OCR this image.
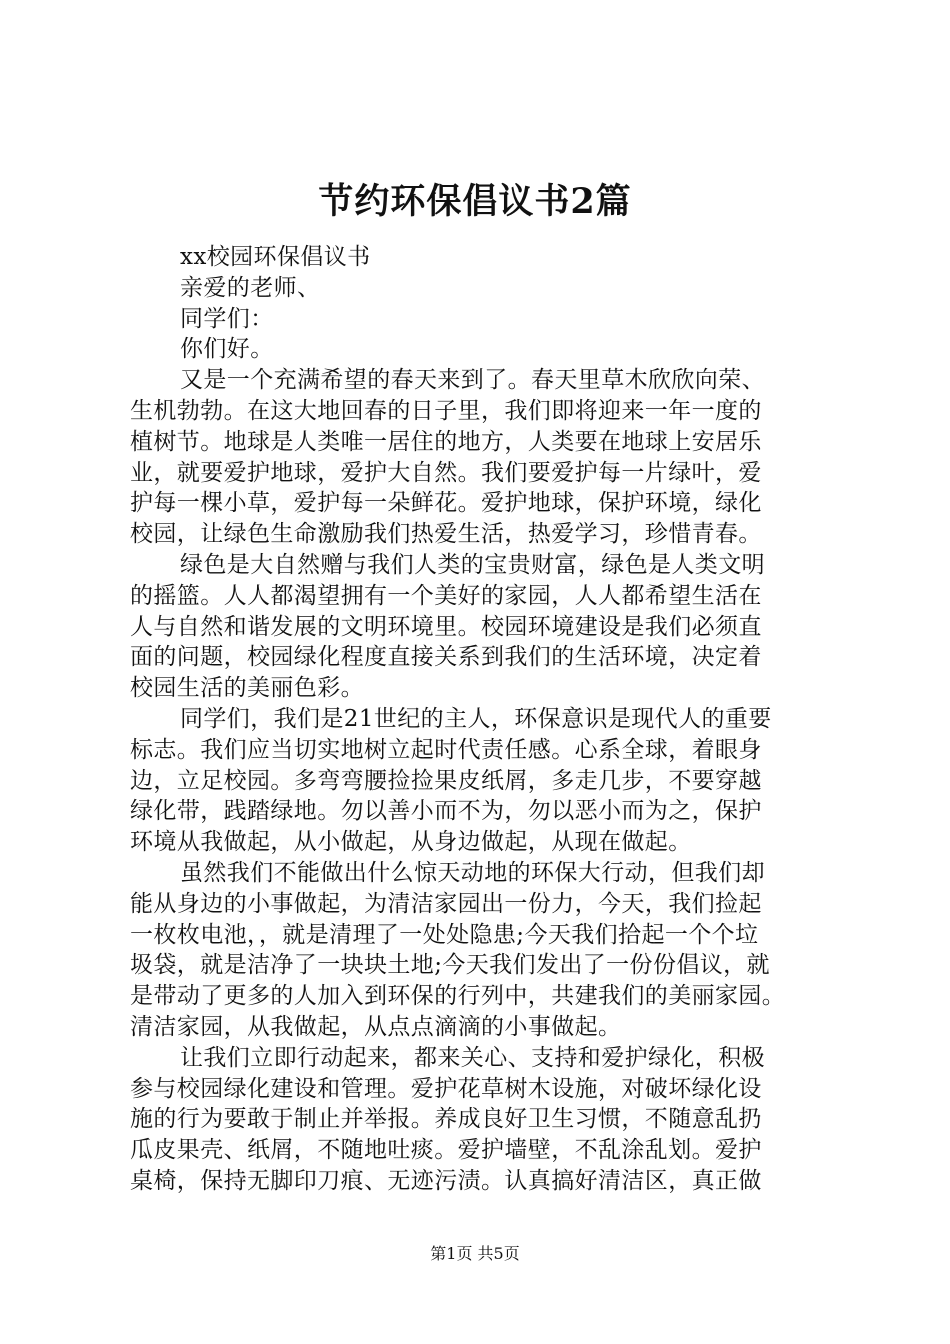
节约环保倡议书2篇
xx校园环保倡议书
亲爱的老师、
同学们：
你们好。
又是一个充满希望的春天来到了。春天里草木欣欣向荣、
生机勃勃。在这大地回春的日子里，我们即将迎来一年一度的
植树节。地球是人类唯一居住的地方，人类要在地球上安居乐
业，就要爱护地球，爱护大自然。我们要爱护每一片绿叶，爱
护每一棵小草，爱护每一朵鲜花。爱护地球，保护环境，绿化
校园，让绿色生命激励我们热爱生活，热爱学习，珍惜青春。
绿色是大自然赠与我们人类的宝贵财富，绿色是人类文明
的摇篮。人人都渴望拥有一个美好的家园，人人都希望生活在
人与自然和谐发展的文明环境里。校园环境建设是我们必须直
面的问题，校园绿化程度直接关系到我们的生活环境，决定着
校园生活的美丽色彩。
同学们，我们是21世纪的主人，环保意识是现代人的重要
标志。我们应当切实地树立起时代责任感。心系全球，着眼身
边，立足校园。多弯弯腰捡捡果皮纸屑，多走几步，不要穿越
绿化带，践踏绿地。勿以善小而不为，勿以恶小而为之，保护
环境从我做起，从小做起，从身边做起，从现在做起。
虽然我们不能做出什么惊天动地的环保大行动，但我们却
能从身边的小事做起，为清洁家园出一份力，今天，我们捡起
一枚枚电池，，就是清理了一处处隐患;今天我们拾起一个个垃
圾袋，就是洁净了一块块土地;今天我们发出了一份份倡议，就
是带动了更多的人加入到环保的行列中，共建我们的美丽家园。
清洁家园，从我做起，从点点滴滴的小事做起。
让我们立即行动起来，都来关心、支持和爱护绿化，积极
参与校园绿化建设和管理。爱护花草树木设施，对破坏绿化设
施的行为要敢于制止并举报。养成良好卫生习惯，不随意乱扔
瓜皮果壳、纸屑，不随地吐痰。爱护墙壁，不乱涂乱划。爱护
桌椅，保持无脚印刀痕、无迹污渍。认真搞好清洁区，真正做
第1页 共5页
